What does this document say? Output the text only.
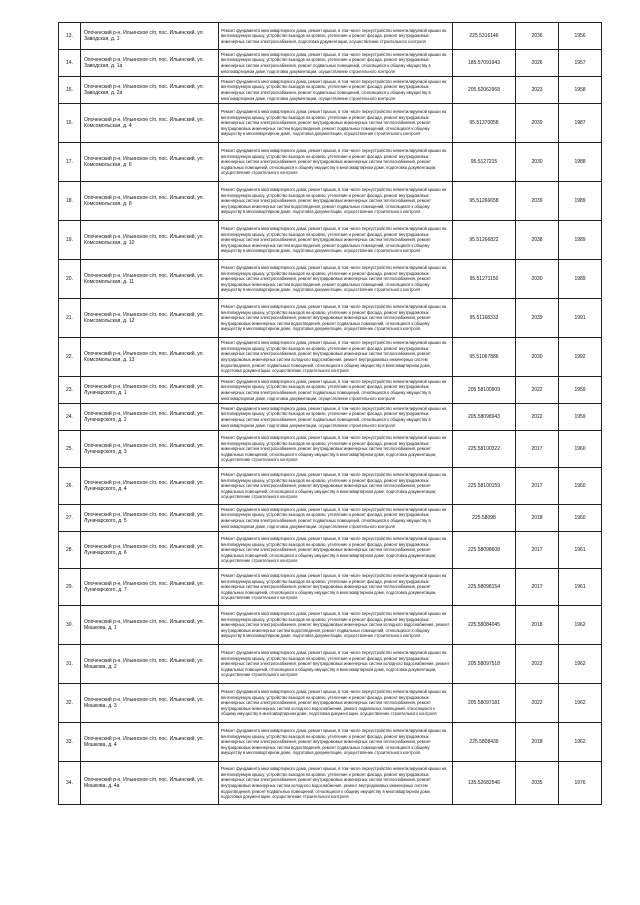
13.	Опоченский р-н, Ильинское с/п, пос. Ильинский, ул. Заводская, д. 1	Ремонт фундамента многоквартирного дома, ремонт крыши, в том числе переустройство невентилируемой крыши на вентилируемую крышу, устройство выходов на кровлю, утепление и ремонт фасада, ремонт внутридомовых инженерных систем электроснабжения, подготовка документации, осуществление строительного контроля	225.5316146	2036	1956

14.	Опоченский р-н, Ильинское с/п, пос. Ильинский, ул. Заводская, д. 1а	Ремонт фундамента многоквартирного дома, ремонт крыши, в том числе переустройство невентилируемой крыши на вентилируемую крышу, устройство выходов на кровлю, утепление и ремонт фасада, ремонт внутридомовых инженерных систем электроснабжения, ремонт подвальных помещений, относящихся к общему имуществу в многоквартирном доме, подготовка документации, осуществление строительного контроля	185.57091943	2026	1957

15.	Опоченский р-н, Ильинское с/п, пос. Ильинский, ул. Заводская, д. 2а	Ремонт фундамента многоквартирного дома, ремонт крыши, в том числе переустройство невентилируемой крыши на вентилируемую крышу, устройство выходов на кровлю, утепление и ремонт фасада, ремонт внутридомовых инженерных систем электроснабжения, ремонт подвальных помещений, относящихся к общему имуществу в многоквартирном доме, подготовка документации, осуществление строительного контроля	205.52062968	2023	1958

16.	Опоченский р-н, Ильинское с/п, пос. Ильинский, ул. Комсомольская, д. 4	Ремонт фундамента многоквартирного дома, ремонт крыши, в том числе переустройство невентилируемой крыши на вентилируемую крышу, устройство выходов на кровлю, утепление и ремонт фасада, ремонт внутридомовых инженерных систем электроснабжения, ремонт внутридомовых инженерных систем теплоснабжения, ремонт внутридомовых инженерных систем водоотведения, ремонт подвальных помещений, относящихся к общему имуществу в многоквартирном доме, подготовка документации, осуществление строительного контроля	95.51370058	2039	1987

17.	Опоченский р-н, Ильинское с/п, пос. Ильинский, ул. Комсомольская, д. 6	Ремонт фундамента многоквартирного дома, ремонт крыши, в том числе переустройство невентилируемой крыши на вентилируемую крышу, устройство выходов на кровлю, утепление и ремонт фасада, ремонт внутридомовых инженерных систем электроснабжения, ремонт внутридомовых инженерных систем теплоснабжения, ремонт подвальных помещений, относящихся к общему имуществу в многоквартирном доме, подготовка документации, осуществление строительного контроля	95.5127215	2030	1988

18.	Опоченский р-н, Ильинское с/п, пос. Ильинский, ул. Комсомольская, д. 8	Ремонт фундамента многоквартирного дома, ремонт крыши, в том числе переустройство невентилируемой крыши на вентилируемую крышу, устройство выходов на кровлю, утепление и ремонт фасада, ремонт внутридомовых инженерных систем электроснабжения, ремонт внутридомовых инженерных систем теплоснабжения, ремонт внутридомовых инженерных систем водоотведения, ремонт подвальных помещений, относящихся к общему имуществу в многоквартирном доме, подготовка документации, осуществление строительного контроля	95.51266658	2039	1989

19.	Опоченский р-н, Ильинское с/п, пос. Ильинский, ул. Комсомольская, д. 10	Ремонт фундамента многоквартирного дома, ремонт крыши, в том числе переустройство невентилируемой крыши на вентилируемую крышу, устройство выходов на кровлю, утепление и ремонт фасада, ремонт внутридомовых инженерных систем электроснабжения, ремонт внутридомовых инженерных систем теплоснабжения, ремонт внутридомовых инженерных систем водоотведения, ремонт подвальных помещений, относящихся к общему имуществу в многоквартирном доме, подготовка документации, осуществление строительного контроля	95.51266822	2038	1989

20.	Опоченский р-н, Ильинское с/п, пос. Ильинский, ул. Комсомольская, д. 11	Ремонт фундамента многоквартирного дома, ремонт крыши, в том числе переустройство невентилируемой крыши на вентилируемую крышу, устройство выходов на кровлю, утепление и ремонт фасада, ремонт внутридомовых инженерных систем электроснабжения, ремонт внутридомовых инженерных систем теплоснабжения, ремонт внутридомовых инженерных систем водоотведения, ремонт подвальных помещений, относящихся к общему имуществу в многоквартирном доме, подготовка документации, осуществление строительного контроля	95.51271150	2030	1989

21.	Опоченский р-н, Ильинское с/п, пос. Ильинский, ул. Комсомольская, д. 12	Ремонт фундамента многоквартирного дома, ремонт крыши, в том числе переустройство невентилируемой крыши на вентилируемую крышу, устройство выходов на кровлю, утепление и ремонт фасада, ремонт внутридомовых инженерных систем электроснабжения, ремонт внутридомовых инженерных систем теплоснабжения, ремонт внутридомовых инженерных систем водоотведения, ремонт подвальных помещений, относящихся к общему имуществу в многоквартирном доме, подготовка документации, осуществление строительного контроля	95.51168333	2039	1991

22.	Опоченский р-н, Ильинское с/п, пос. Ильинский, ул. Комсомольская, д. 13	Ремонт фундамента многоквартирного дома, ремонт крыши, в том числе переустройство невентилируемой крыши на вентилируемую крышу, устройство выходов на кровлю, утепление и ремонт фасада, ремонт внутридомовых инженерных систем электроснабжения, ремонт внутридомовых инженерных систем теплоснабжения, ремонт внутридомовых инженерных систем холодного водоснабжения, ремонт внутридомовых инженерных систем водоотведения, ремонт подвальных помещений, относящихся к общему имуществу в многоквартирном доме, подготовка документации, осуществление строительного контроля	95.51067886	2030	1992

23.	Опоченский р-н, Ильинское с/п, пос. Ильинский, ул. Луначарского, д. 1	Ремонт фундамента многоквартирного дома, ремонт крыши, в том числе переустройство невентилируемой крыши на вентилируемую крышу, устройство выходов на кровлю, утепление и ремонт фасада, ремонт внутридомовых инженерных систем электроснабжения, ремонт подвальных помещений, относящихся к общему имуществу в многоквартирном доме, подготовка документации, осуществление строительного контроля	205.58100909	2022	1959

24.	Опоченский р-н, Ильинское с/п, пос. Ильинский, ул. Луначарского, д. 2	Ремонт фундамента многоквартирного дома, ремонт крыши, в том числе переустройство невентилируемой крыши на вентилируемую крышу, устройство выходов на кровлю, утепление и ремонт фасада, ремонт внутридомовых инженерных систем электроснабжения, ремонт подвальных помещений, относящихся к общему имуществу в многоквартирном доме, подготовка документации, осуществление строительного контроля	205.58098943	2022	1959

25.	Опоченский р-н, Ильинское с/п, пос. Ильинский, ул. Луначарского, д. 3	Ремонт фундамента многоквартирного дома, ремонт крыши, в том числе переустройство невентилируемой крыши на вентилируемую крышу, устройство выходов на кровлю, утепление и ремонт фасада, ремонт внутридомовых инженерных систем электроснабжения, ремонт внутридомовых инженерных систем теплоснабжения, ремонт подвальных помещений, относящихся к общему имуществу в многоквартирном доме, подготовка документации, осуществление строительного контроля	225.58100322	2017	1960

26.	Опоченский р-н, Ильинское с/п, пос. Ильинский, ул. Луначарского, д. 4	Ремонт фундамента многоквартирного дома, ремонт крыши, в том числе переустройство невентилируемой крыши на вентилируемую крышу, устройство выходов на кровлю, утепление и ремонт фасада, ремонт внутридомовых инженерных систем электроснабжения, ремонт внутридомовых инженерных систем теплоснабжения, ремонт подвальных помещений, относящихся к общему имуществу в многоквартирном доме, подготовка документации, осуществление строительного контроля	225.58100159	2017	1960

27.	Опоченский р-н, Ильинское с/п, пос. Ильинский, ул. Луначарского, д. 5	Ремонт фундамента многоквартирного дома, ремонт крыши, в том числе переустройство невентилируемой крыши на вентилируемую крышу, устройство выходов на кровлю, утепление и ремонт фасада, ремонт внутридомовых инженерных систем электроснабжения, ремонт подвальных помещений, относящихся к общему имуществу в многоквартирном доме, подготовка документации, осуществление строительного контроля	225.58098	2018	1960

28.	Опоченский р-н, Ильинское с/п, пос. Ильинский, ул. Луначарского, д. 6	Ремонт фундамента многоквартирного дома, ремонт крыши, в том числе переустройство невентилируемой крыши на вентилируемую крышу, устройство выходов на кровлю, утепление и ремонт фасада, ремонт внутридомовых инженерных систем электроснабжения, ремонт внутридомовых инженерных систем теплоснабжения, ремонт подвальных помещений, относящихся к общему имуществу в многоквартирном доме, подготовка документации, осуществление строительного контроля	225.58098608	2017	1961

29.	Опоченский р-н, Ильинское с/п, пос. Ильинский, ул. Луначарского, д. 7	Ремонт фундамента многоквартирного дома, ремонт крыши, в том числе переустройство невентилируемой крыши на вентилируемую крышу, устройство выходов на кровлю, утепление и ремонт фасада, ремонт внутридомовых инженерных систем электроснабжения, ремонт внутридомовых инженерных систем теплоснабжения, ремонт подвальных помещений, относящихся к общему имуществу в многоквартирном доме, подготовка документации, осуществление строительного контроля	225.58098154	2017	1961

30.	Опоченский р-н, Ильинское с/п, пос. Ильинский, ул. Мошкова, д. 1	Ремонт фундамента многоквартирного дома, ремонт крыши, в том числе переустройство невентилируемой крыши на вентилируемую крышу, устройство выходов на кровлю, утепление и ремонт фасада, ремонт внутридомовых инженерных систем электроснабжения, ремонт внутридомовых инженерных систем холодного водоснабжения, ремонт внутридомовых инженерных систем водоотведения, ремонт подвальных помещений, относящихся к общему имуществу в многоквартирном доме, подготовка документации, осуществление строительного контроля	225.58084045	2018	1962

31.	Опоченский р-н, Ильинское с/п, пос. Ильинский, ул. Мошкова, д. 2	Ремонт фундамента многоквартирного дома, ремонт крыши, в том числе переустройство невентилируемой крыши на вентилируемую крышу, устройство выходов на кровлю, утепление и ремонт фасада, ремонт внутридомовых инженерных систем электроснабжения, ремонт внутридомовых инженерных систем холодного водоснабжения, ремонт подвальных помещений, относящихся к общему имуществу в многоквартирном доме, подготовка документации, осуществление строительного контроля	205.58097518	2022	1962

32.	Опоченский р-н, Ильинское с/п, пос. Ильинский, ул. Мошкова, д. 3	Ремонт фундамента многоквартирного дома, ремонт крыши, в том числе переустройство невентилируемой крыши на вентилируемую крышу, устройство выходов на кровлю, утепление и ремонт фасада, ремонт внутридомовых инженерных систем электроснабжения, ремонт внутридомовых инженерных систем теплоснабжения, ремонт внутридомовых инженерных систем холодного водоснабжения, ремонт подвальных помещений, относящихся к общему имуществу в многоквартирном доме, подготовка документации, осуществление строительного контроля	205.58097181	2022	1962

33.	Опоченский р-н, Ильинское с/п, пос. Ильинский, ул. Мошкова, д. 4	Ремонт фундамента многоквартирного дома, ремонт крыши, в том числе переустройство невентилируемой крыши на вентилируемую крышу, устройство выходов на кровлю, утепление и ремонт фасада, ремонт внутридомовых инженерных систем электроснабжения, ремонт внутридомовых инженерных систем теплоснабжения, ремонт внутридомовых инженерных систем водоотведения, ремонт подвальных помещений, относящихся к общему имуществу в многоквартирном доме, подготовка документации, осуществление строительного контроля	225.5808439	2018	1962

34.	Опоченский р-н, Ильинское с/п, пос. Ильинский, ул. Мошкова, д. 4а	Ремонт фундамента многоквартирного дома, ремонт крыши, в том числе переустройство невентилируемой крыши на вентилируемую крышу, устройство выходов на кровлю, утепление и ремонт фасада, ремонт внутридомовых инженерных систем электроснабжения, ремонт внутридомовых инженерных систем теплоснабжения, ремонт внутридомовых инженерных систем холодного водоснабжения, ремонт внутридомовых инженерных систем водоотведения, ремонт подвальных помещений, относящихся к общему имуществу в многоквартирном доме, подготовка документации, осуществление строительного контроля	135.52682546	2035	1976
